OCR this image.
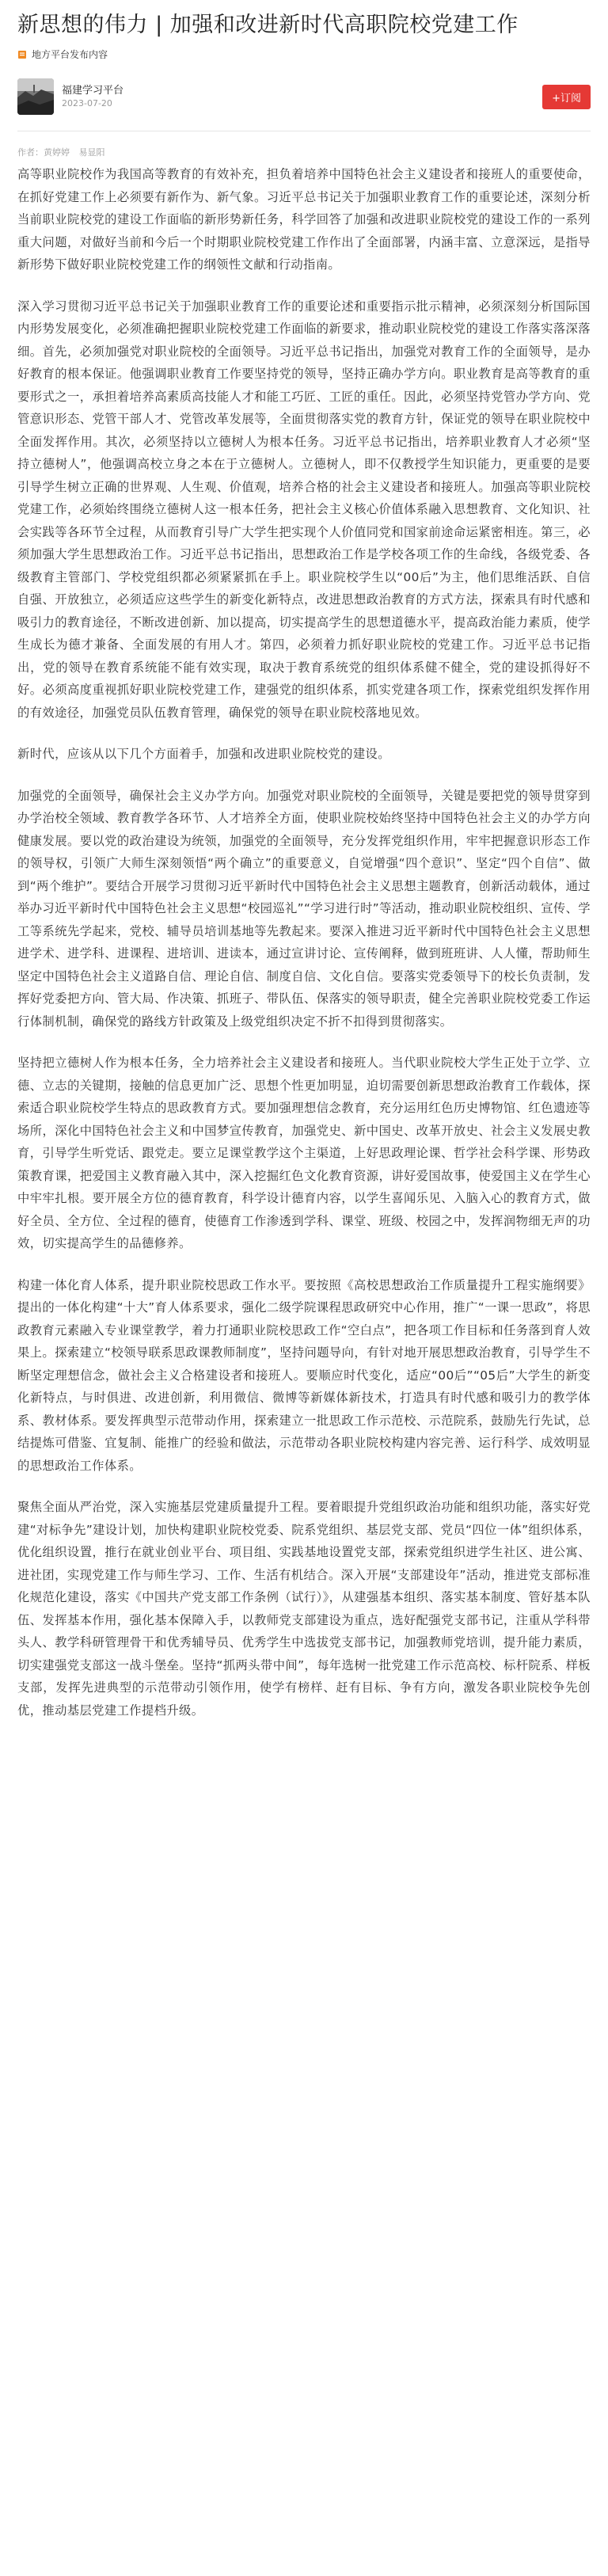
新思想的伟力 | 加强和改进新时代高职院校党建工作
地方平台发布内容
福建学习平台
2023-07-20	+订阅
作者：黄婷婷 易显阳

高等职业院校作为我国高等教育的有效补充，担负着培养中国特色社会主义建设者和接班人的重要使命，在抓好党建工作上必须要有新作为、新气象。习近平总书记关于加强职业教育工作的重要论述，深刻分析当前职业院校党的建设工作面临的新形势新任务，科学回答了加强和改进职业院校党的建设工作的一系列重大问题，对做好当前和今后一个时期职业院校党建工作作出了全面部署，内涵丰富、立意深远，是指导新形势下做好职业院校党建工作的纲领性文献和行动指南。

深入学习贯彻习近平总书记关于加强职业教育工作的重要论述和重要指示批示精神，必须深刻分析国际国内形势发展变化，必须准确把握职业院校党建工作面临的新要求，推动职业院校党的建设工作落实落深落细。首先，必须加强党对职业院校的全面领导。习近平总书记指出，加强党对教育工作的全面领导，是办好教育的根本保证。他强调职业教育工作要坚持党的领导，坚持正确办学方向。职业教育是高等教育的重要形式之一，承担着培养高素质高技能人才和能工巧匠、工匠的重任。因此，必须坚持党管办学方向、党管意识形态、党管干部人才、党管改革发展等，全面贯彻落实党的教育方针，保证党的领导在职业院校中全面发挥作用。其次，必须坚持以立德树人为根本任务。习近平总书记指出，培养职业教育人才必须“坚持立德树人”，他强调高校立身之本在于立德树人。立德树人，即不仅教授学生知识能力，更重要的是要引导学生树立正确的世界观、人生观、价值观，培养合格的社会主义建设者和接班人。加强高等职业院校党建工作，必须始终围绕立德树人这一根本任务，把社会主义核心价值体系融入思想教育、文化知识、社会实践等各环节全过程，从而教育引导广大学生把实现个人价值同党和国家前途命运紧密相连。第三，必须加强大学生思想政治工作。习近平总书记指出，思想政治工作是学校各项工作的生命线，各级党委、各级教育主管部门、学校党组织都必须紧紧抓在手上。职业院校学生以“00后”为主，他们思维活跃、自信自强、开放独立，必须适应这些学生的新变化新特点，改进思想政治教育的方式方法，探索具有时代感和吸引力的教育途径，不断改进创新、加以提高，切实提高学生的思想道德水平，提高政治能力素质，使学生成长为德才兼备、全面发展的有用人才。第四，必须着力抓好职业院校的党建工作。习近平总书记指出，党的领导在教育系统能不能有效实现，取决于教育系统党的组织体系健不健全，党的建设抓得好不好。必须高度重视抓好职业院校党建工作，建强党的组织体系，抓实党建各项工作，探索党组织发挥作用的有效途径，加强党员队伍教育管理，确保党的领导在职业院校落地见效。

新时代，应该从以下几个方面着手，加强和改进职业院校党的建设。

加强党的全面领导，确保社会主义办学方向。加强党对职业院校的全面领导，关键是要把党的领导贯穿到办学治校全领域、教育教学各环节、人才培养全方面，使职业院校始终坚持中国特色社会主义的办学方向健康发展。要以党的政治建设为统领，加强党的全面领导，充分发挥党组织作用，牢牢把握意识形态工作的领导权，引领广大师生深刻领悟“两个确立”的重要意义，自觉增强“四个意识”、坚定“四个自信”、做到“两个维护”。要结合开展学习贯彻习近平新时代中国特色社会主义思想主题教育，创新活动载体，通过举办习近平新时代中国特色社会主义思想“校园巡礼”“学习进行时”等活动，推动职业院校组织、宣传、学工等系统先学起来，党校、辅导员培训基地等先教起来。要深入推进习近平新时代中国特色社会主义思想进学术、进学科、进课程、进培训、进读本，通过宣讲讨论、宣传阐释，做到班班讲、人人懂，帮助师生坚定中国特色社会主义道路自信、理论自信、制度自信、文化自信。要落实党委领导下的校长负责制，发挥好党委把方向、管大局、作决策、抓班子、带队伍、保落实的领导职责，健全完善职业院校党委工作运行体制机制，确保党的路线方针政策及上级党组织决定不折不扣得到贯彻落实。

坚持把立德树人作为根本任务，全力培养社会主义建设者和接班人。当代职业院校大学生正处于立学、立德、立志的关键期，接触的信息更加广泛、思想个性更加明显，迫切需要创新思想政治教育工作载体，探索适合职业院校学生特点的思政教育方式。要加强理想信念教育，充分运用红色历史博物馆、红色遗迹等场所，深化中国特色社会主义和中国梦宣传教育，加强党史、新中国史、改革开放史、社会主义发展史教育，引导学生听党话、跟党走。要立足课堂教学这个主渠道，上好思政理论课、哲学社会科学课、形势政策教育课，把爱国主义教育融入其中，深入挖掘红色文化教育资源，讲好爱国故事，使爱国主义在学生心中牢牢扎根。要开展全方位的德育教育，科学设计德育内容，以学生喜闻乐见、入脑入心的教育方式，做好全员、全方位、全过程的德育，使德育工作渗透到学科、课堂、班级、校园之中，发挥润物细无声的功效，切实提高学生的品德修养。

构建一体化育人体系，提升职业院校思政工作水平。要按照《高校思想政治工作质量提升工程实施纲要》提出的一体化构建“十大”育人体系要求，强化二级学院课程思政研究中心作用，推广“一课一思政”，将思政教育元素融入专业课堂教学，着力打通职业院校思政工作“空白点”，把各项工作目标和任务落到育人效果上。探索建立“校领导联系思政课教师制度”，坚持问题导向，有针对地开展思想政治教育，引导学生不断坚定理想信念，做社会主义合格建设者和接班人。要顺应时代变化，适应“00后”“05后”大学生的新变化新特点，与时俱进、改进创新，利用微信、微博等新媒体新技术，打造具有时代感和吸引力的教学体系、教材体系。要发挥典型示范带动作用，探索建立一批思政工作示范校、示范院系，鼓励先行先试，总结提炼可借鉴、宜复制、能推广的经验和做法，示范带动各职业院校构建内容完善、运行科学、成效明显的思想政治工作体系。

聚焦全面从严治党，深入实施基层党建质量提升工程。要着眼提升党组织政治功能和组织功能，落实好党建“对标争先”建设计划，加快构建职业院校党委、院系党组织、基层党支部、党员“四位一体”组织体系，优化组织设置，推行在就业创业平台、项目组、实践基地设置党支部，探索党组织进学生社区、进公寓、进社团，实现党建工作与师生学习、工作、生活有机结合。深入开展“支部建设年”活动，推进党支部标准化规范化建设，落实《中国共产党支部工作条例（试行）》，从建强基本组织、落实基本制度、管好基本队伍、发挥基本作用，强化基本保障入手，以教师党支部建设为重点，选好配强党支部书记，注重从学科带头人、教学科研管理骨干和优秀辅导员、优秀学生中选拔党支部书记，加强教师党培训，提升能力素质，切实建强党支部这一战斗堡垒。坚持“抓两头带中间”，每年选树一批党建工作示范高校、标杆院系、样板支部，发挥先进典型的示范带动引领作用，使学有榜样、赶有目标、争有方向，激发各职业院校争先创优，推动基层党建工作提档升级。
